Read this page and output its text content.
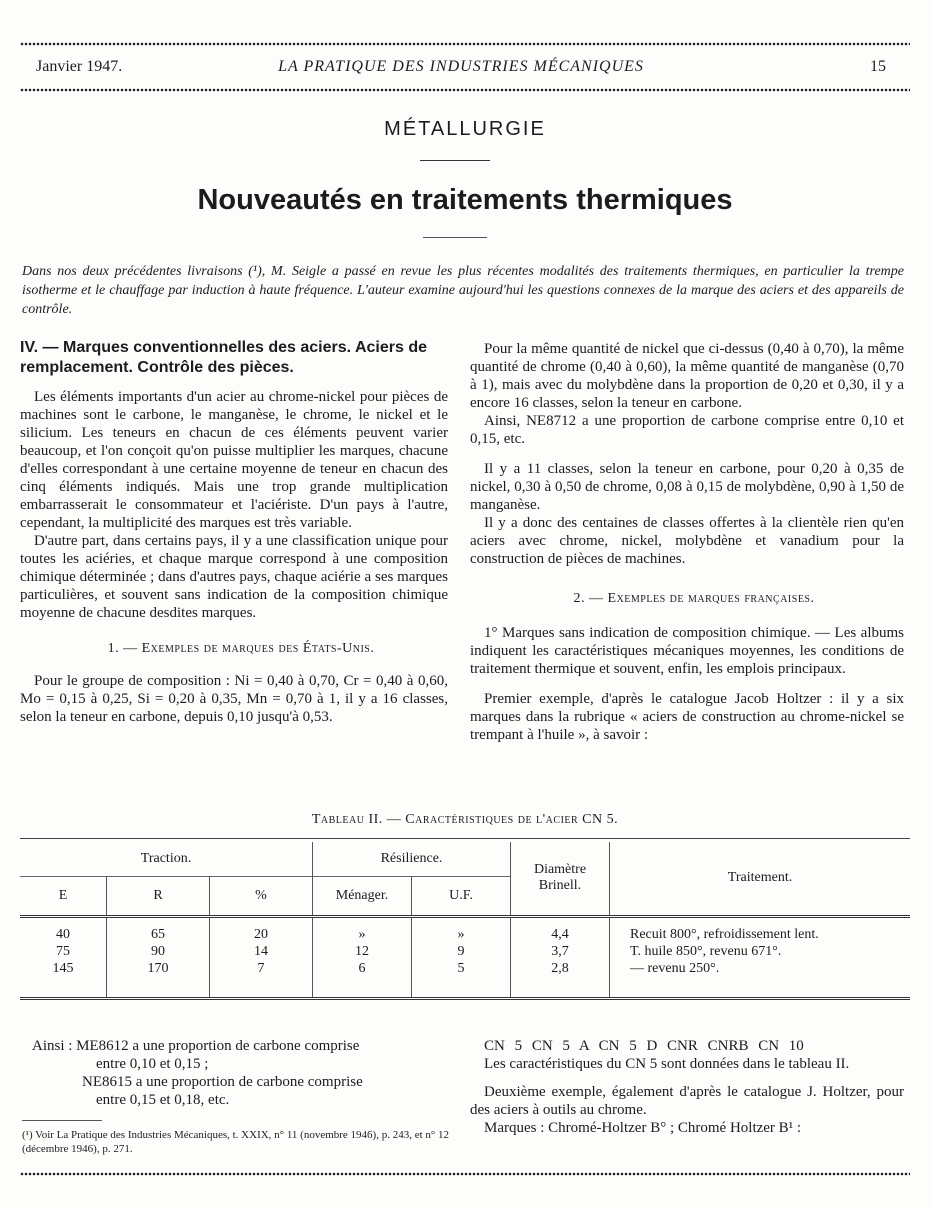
Janvier 1947.	LA PRATIQUE DES INDUSTRIES MÉCANIQUES	15
MÉTALLURGIE
Nouveautés en traitements thermiques
Dans nos deux précédentes livraisons (¹), M. Seigle a passé en revue les plus récentes modalités des traitements thermiques, en particulier la trempe isotherme et le chauffage par induction à haute fréquence. L'auteur examine aujourd'hui les questions connexes de la marque des aciers et des appareils de contrôle.
IV. — Marques conventionnelles des aciers. Aciers de remplacement. Contrôle des pièces.

Les éléments importants d'un acier au chrome-nickel pour pièces de machines sont le carbone, le manganèse, le chrome, le nickel et le silicium. Les teneurs en chacun de ces éléments peuvent varier beaucoup, et l'on conçoit qu'on puisse multiplier les marques, chacune d'elles correspondant à une certaine moyenne de teneur en chacun des cinq éléments indiqués. Mais une trop grande multiplication embarrasserait le consommateur et l'aciériste. D'un pays à l'autre, cependant, la multiplicité des marques est très variable.

D'autre part, dans certains pays, il y a une classification unique pour toutes les aciéries, et chaque marque correspond à une composition chimique déterminée ; dans d'autres pays, chaque aciérie a ses marques particulières, et souvent sans indication de la composition chimique moyenne de chacune desdites marques.

1. — Exemples de marques des États-Unis.

Pour le groupe de composition : Ni = 0,40 à 0,70, Cr = 0,40 à 0,60, Mo = 0,15 à 0,25, Si = 0,20 à 0,35, Mn = 0,70 à 1, il y a 16 classes, selon la teneur en carbone, depuis 0,10 jusqu'à 0,53.

Pour la même quantité de nickel que ci-dessus (0,40 à 0,70), la même quantité de chrome (0,40 à 0,60), la même quantité de manganèse (0,70 à 1), mais avec du molybdène dans la proportion de 0,20 et 0,30, il y a encore 16 classes, selon la teneur en carbone.

Ainsi, NE8712 a une proportion de carbone comprise entre 0,10 et 0,15, etc.

Il y a 11 classes, selon la teneur en carbone, pour 0,20 à 0,35 de nickel, 0,30 à 0,50 de chrome, 0,08 à 0,15 de molybdène, 0,90 à 1,50 de manganèse.

Il y a donc des centaines de classes offertes à la clientèle rien qu'en aciers avec chrome, nickel, molybdène et vanadium pour la construction de pièces de machines.

2. — Exemples de marques françaises.

1° Marques sans indication de composition chimique. — Les albums indiquent les caractéristiques mécaniques moyennes, les conditions de traitement thermique et souvent, enfin, les emplois principaux.

Premier exemple, d'après le catalogue Jacob Holtzer : il y a six marques dans la rubrique « aciers de construction au chrome-nickel se trempant à l'huile », à savoir :

Tableau II. — Caractéristiques de l'acier CN 5.
Traction.			Résilience.		Diamètre Brinell.	Traitement.
E	R	%	Ménager.	U.F.		

40	65	20	»	»	4,4	Recuit 800°, refroidissement lent.
75	90	14	12	9	3,7	T. huile 850°, revenu 671°.
145	170	7	6	5	2,8	— revenu 250°.

Ainsi : ME8612 a une proportion de carbone comprise
entre 0,10 et 0,15 ;
NE8615 a une proportion de carbone comprise
entre 0,15 et 0,18, etc.
(¹) Voir La Pratique des Industries Mécaniques, t. XXIX, n° 11 (novembre 1946), p. 243, et n° 12 (décembre 1946), p. 271.
CN 5 CN 5 A CN 5 D CNR CNRB CN 10

Les caractéristiques du CN 5 sont données dans le tableau II.

Deuxième exemple, également d'après le catalogue J. Holtzer, pour des aciers à outils au chrome.

Marques : Chromé-Holtzer B° ; Chromé Holtzer B¹ :
